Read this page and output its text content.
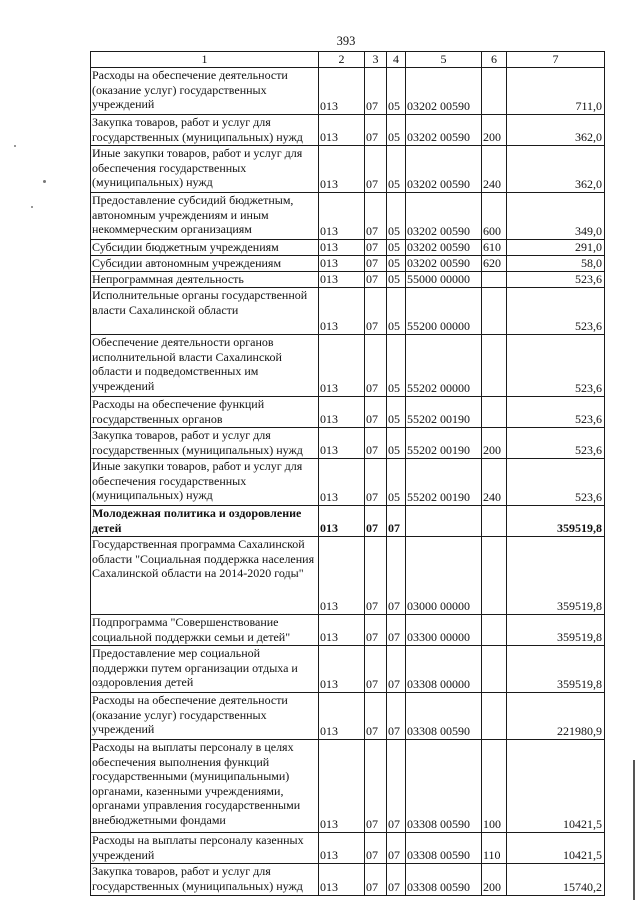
393
1	2	3	4	5	6	7
Расходы на обеспечение деятельности (оказание услуг) государственных учреждений	013	07	05	03202 00590		711,0
Закупка товаров, работ и услуг для государственных (муниципальных) нужд	013	07	05	03202 00590	200	362,0
Иные закупки товаров, работ и услуг для обеспечения государственных (муниципальных) нужд	013	07	05	03202 00590	240	362,0
Предоставление субсидий бюджетным, автономным учреждениям и иным некоммерческим организациям	013	07	05	03202 00590	600	349,0
Субсидии бюджетным учреждениям	013	07	05	03202 00590	610	291,0
Субсидии автономным учреждениям	013	07	05	03202 00590	620	58,0
Непрограммная деятельность	013	07	05	55000 00000		523,6
Исполнительные органы государственной власти Сахалинской области	013	07	05	55200 00000		523,6
Обеспечение деятельности органов исполнительной власти Сахалинской области и подведомственных им учреждений	013	07	05	55202 00000		523,6
Расходы на обеспечение функций государственных органов	013	07	05	55202 00190		523,6
Закупка товаров, работ и услуг для государственных (муниципальных) нужд	013	07	05	55202 00190	200	523,6
Иные закупки товаров, работ и услуг для обеспечения государственных (муниципальных) нужд	013	07	05	55202 00190	240	523,6
Молодежная политика и оздоровление детей	013	07	07			359519,8
Государственная программа Сахалинской области "Социальная поддержка населения Сахалинской области на 2014-2020 годы"	013	07	07	03000 00000		359519,8
Подпрограмма "Совершенствование социальной поддержки семьи и детей"	013	07	07	03300 00000		359519,8
Предоставление мер социальной поддержки путем организации отдыха и оздоровления детей	013	07	07	03308 00000		359519,8
Расходы на обеспечение деятельности (оказание услуг) государственных учреждений	013	07	07	03308 00590		221980,9
Расходы на выплаты персоналу в целях обеспечения выполнения функций государственными (муниципальными) органами, казенными учреждениями, органами управления государственными внебюджетными фондами	013	07	07	03308 00590	100	10421,5
Расходы на выплаты персоналу казенных учреждений	013	07	07	03308 00590	110	10421,5
Закупка товаров, работ и услуг для государственных (муниципальных) нужд	013	07	07	03308 00590	200	15740,2
